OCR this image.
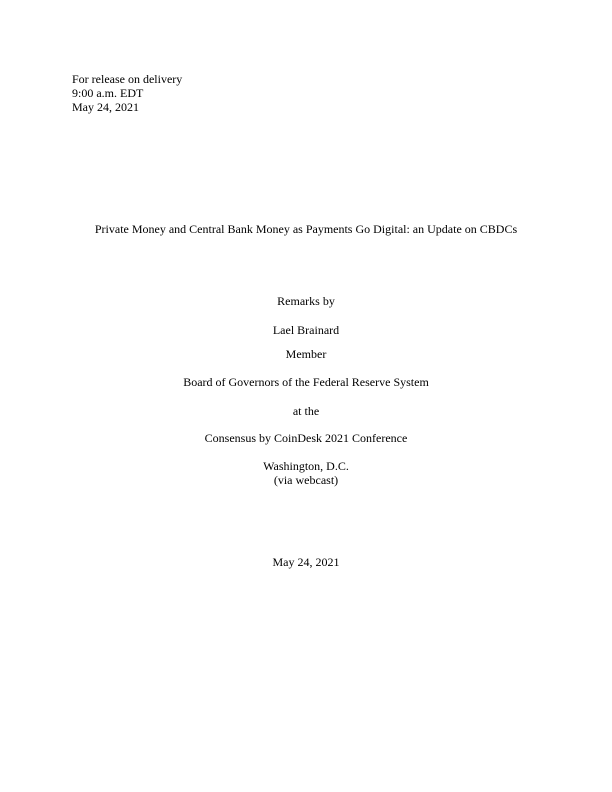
For release on delivery
9:00 a.m. EDT
May 24, 2021
Private Money and Central Bank Money as Payments Go Digital: an Update on CBDCs
Remarks by
Lael Brainard
Member
Board of Governors of the Federal Reserve System
at the
Consensus by CoinDesk 2021 Conference
Washington, D.C.
(via webcast)
May 24, 2021
